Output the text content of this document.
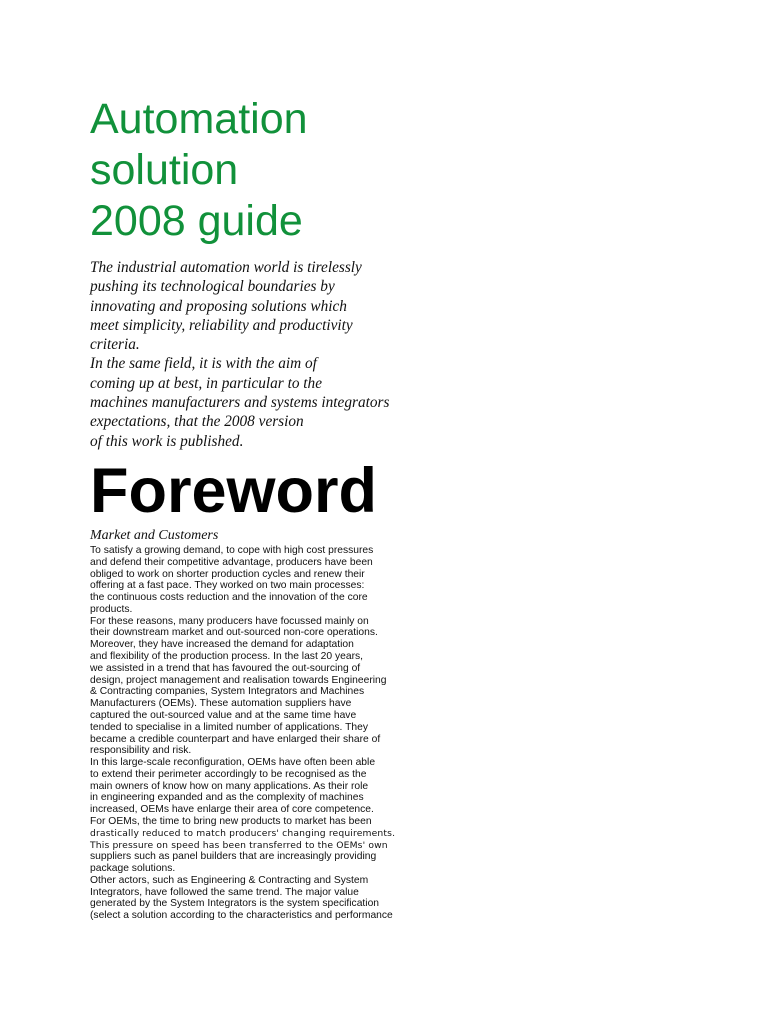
Automation
solution
2008 guide
The industrial automation world is tirelessly
pushing its technological boundaries by
innovating and proposing solutions which
meet simplicity, reliability and productivity
criteria.
In the same field, it is with the aim of
coming up at best, in particular to the
machines manufacturers and systems integrators
expectations, that the 2008 version
of this work is published.
Foreword
Market and Customers
To satisfy a growing demand, to cope with high cost pressures
and defend their competitive advantage, producers have been
obliged to work on shorter production cycles and renew their
offering at a fast pace. They worked on two main processes:
the continuous costs reduction and the innovation of the core
products.
For these reasons, many producers have focussed mainly on
their downstream market and out-sourced non-core operations.
Moreover, they have increased the demand for adaptation
and flexibility of the production process. In the last 20 years,
we assisted in a trend that has favoured the out-sourcing of
design, project management and realisation towards Engineering
& Contracting companies, System Integrators and Machines
Manufacturers (OEMs). These automation suppliers have
captured the out-sourced value and at the same time have
tended to specialise in a limited number of applications. They
became a credible counterpart and have enlarged their share of
responsibility and risk.
In this large-scale reconfiguration, OEMs have often been able
to extend their perimeter accordingly to be recognised as the
main owners of know how on many applications. As their role
in engineering expanded and as the complexity of machines
increased, OEMs have enlarge their area of core competence.
For OEMs, the time to bring new products to market has been
drastically reduced to match producers' changing requirements.
This pressure on speed has been transferred to the OEMs' own
suppliers such as panel builders that are increasingly providing
package solutions.
Other actors, such as Engineering & Contracting and System
Integrators, have followed the same trend. The major value
generated by the System Integrators is the system specification
(select a solution according to the characteristics and performance
